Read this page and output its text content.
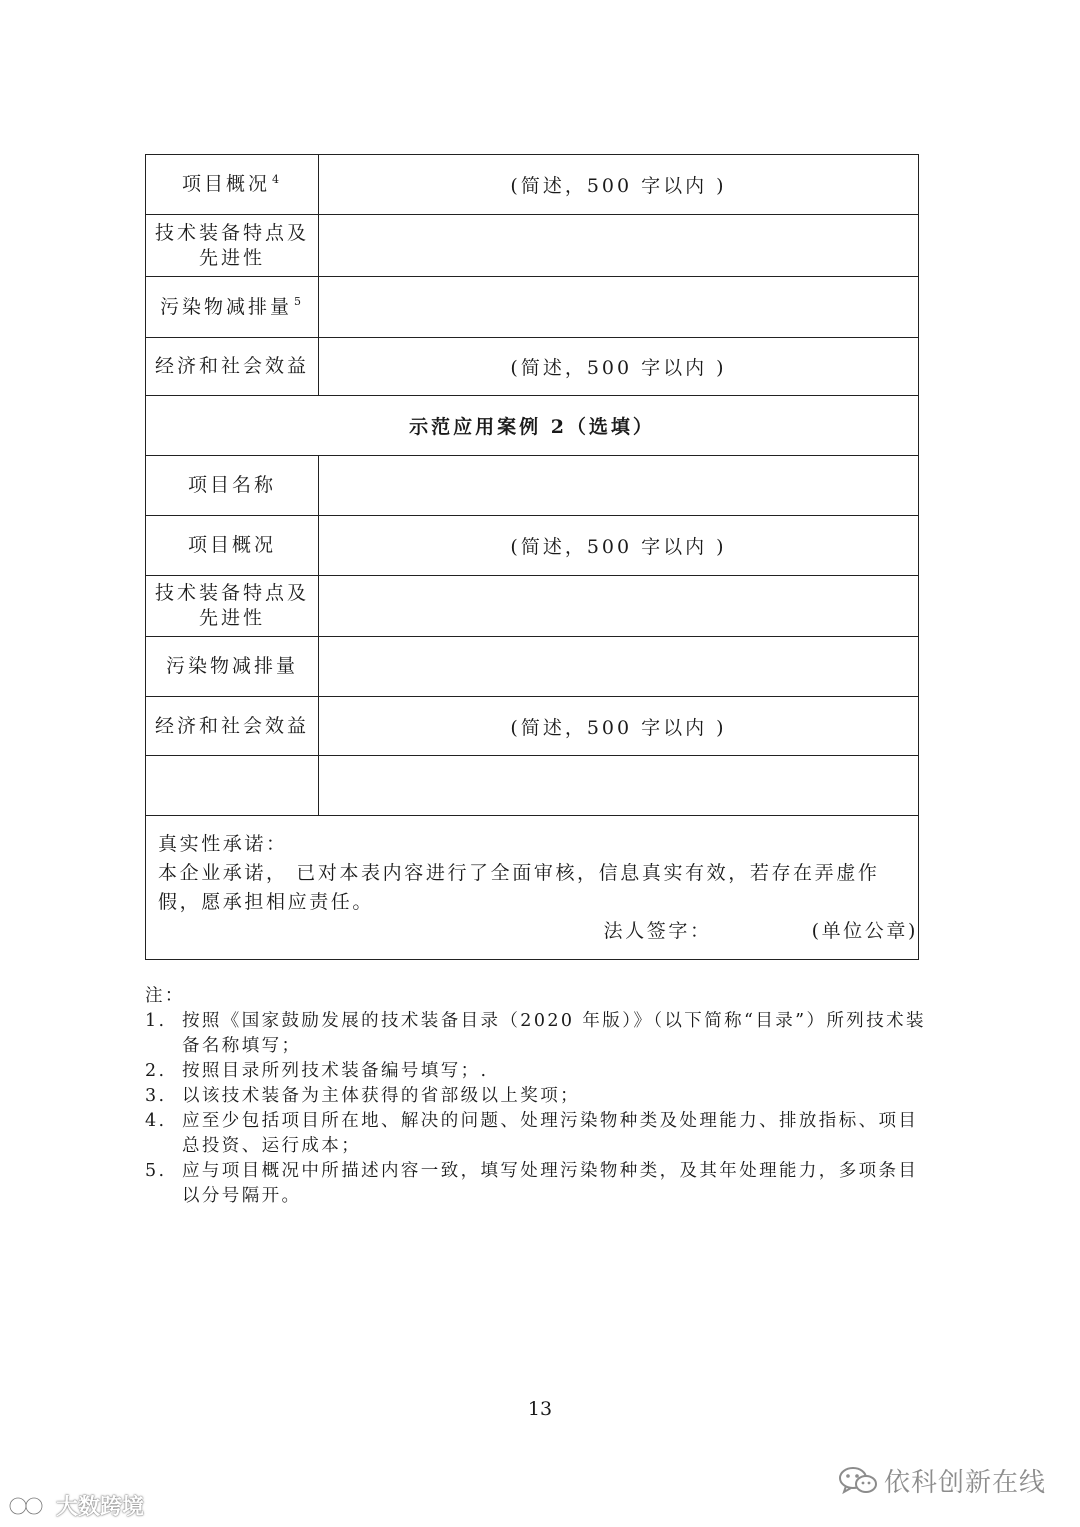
项目概况 $^4$	(简述，500 字以内 )
技术装备特点及先进性	
污染物减排量 $^5$	
经济和社会效益	(简述，500 字以内 )
示范应用案例 2（选填）	
项目名称	
项目概况	(简述，500 字以内 )
技术装备特点及先进性	
污染物减排量	
经济和社会效益	(简述，500 字以内 )

真实性承诺：
本企业承诺， 已对本表内容进行了全面审核，信息真实有效，若存在弄虚作假，愿承担相应责任。
法人签字： (单位公章)	
注：
1. 按照《国家鼓励发展的技术装备目录（2020 年版）》（以下简称“目录”）所列技术装备名称填写；
2. 按照目录所列技术装备编号填写；.
3. 以该技术装备为主体获得的省部级以上奖项；
4. 应至少包括项目所在地、解决的问题、处理污染物种类及处理能力、排放指标、项目总投资、运行成本；
5. 应与项目概况中所描述内容一致，填写处理污染物种类，及其年处理能力，多项条目以分号隔开。
13
依科创新在线
大数跨境
